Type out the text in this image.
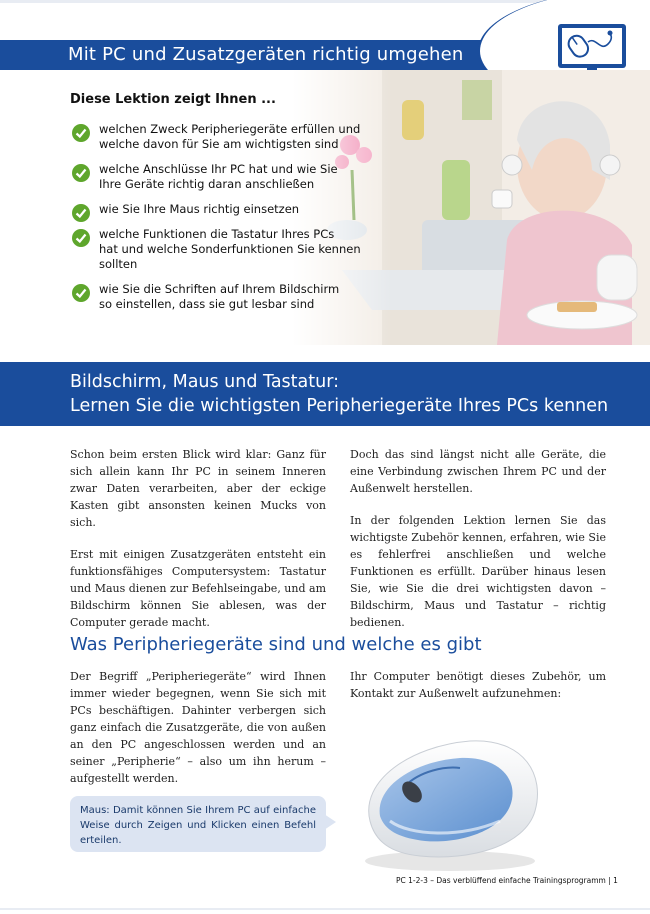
Mit PC und Zusatzgeräten richtig umgehen
Diese Lektion zeigt Ihnen ...
welchen Zweck Peripheriegeräte erfüllen und
welche davon für Sie am wichtigsten sind
welche Anschlüsse Ihr PC hat und wie Sie
Ihre Geräte richtig daran anschließen
wie Sie Ihre Maus richtig einsetzen
welche Funktionen die Tastatur Ihres PCs
hat und welche Sonderfunktionen Sie kennen
sollten
wie Sie die Schriften auf Ihrem Bildschirm
so einstellen, dass sie gut lesbar sind
Bildschirm, Maus und Tastatur:
Lernen Sie die wichtigsten Peripheriegeräte Ihres PCs kennen

Schon beim ersten Blick wird klar: Ganz für sich allein kann Ihr PC in seinem Inneren zwar Daten verarbeiten, aber der eckige Kasten gibt ansonsten keinen Mucks von sich.

Erst mit einigen Zusatzgeräten entsteht ein funktionsfähiges Computersystem: Tastatur und Maus dienen zur Befehlseingabe, und am Bildschirm können Sie ablesen, was der Computer gerade macht.

Doch das sind längst nicht alle Geräte, die eine Verbindung zwischen Ihrem PC und der Außenwelt herstellen.

In der folgenden Lektion lernen Sie das wichtigste Zubehör kennen, erfahren, wie Sie es fehlerfrei anschließen und welche Funktionen es erfüllt. Darüber hinaus lesen Sie, wie Sie die drei wichtigsten davon – Bildschirm, Maus und Tastatur – richtig bedienen.

Was Peripheriegeräte sind und welche es gibt

Der Begriff „Peripheriegeräte“ wird Ihnen immer wieder begegnen, wenn Sie sich mit PCs beschäftigen. Dahinter verbergen sich ganz einfach die Zusatzgeräte, die von außen an den PC angeschlossen werden und an seiner „Peripherie“ – also um ihn herum – aufgestellt werden.

Ihr Computer benötigt dieses Zubehör, um Kontakt zur Außenwelt aufzunehmen:

Maus: Damit können Sie Ihrem PC auf einfache Weise durch Zeigen und Klicken einen Befehl erteilen.
PC 1-2-3 – Das verblüffend einfache Trainingsprogramm | 1
